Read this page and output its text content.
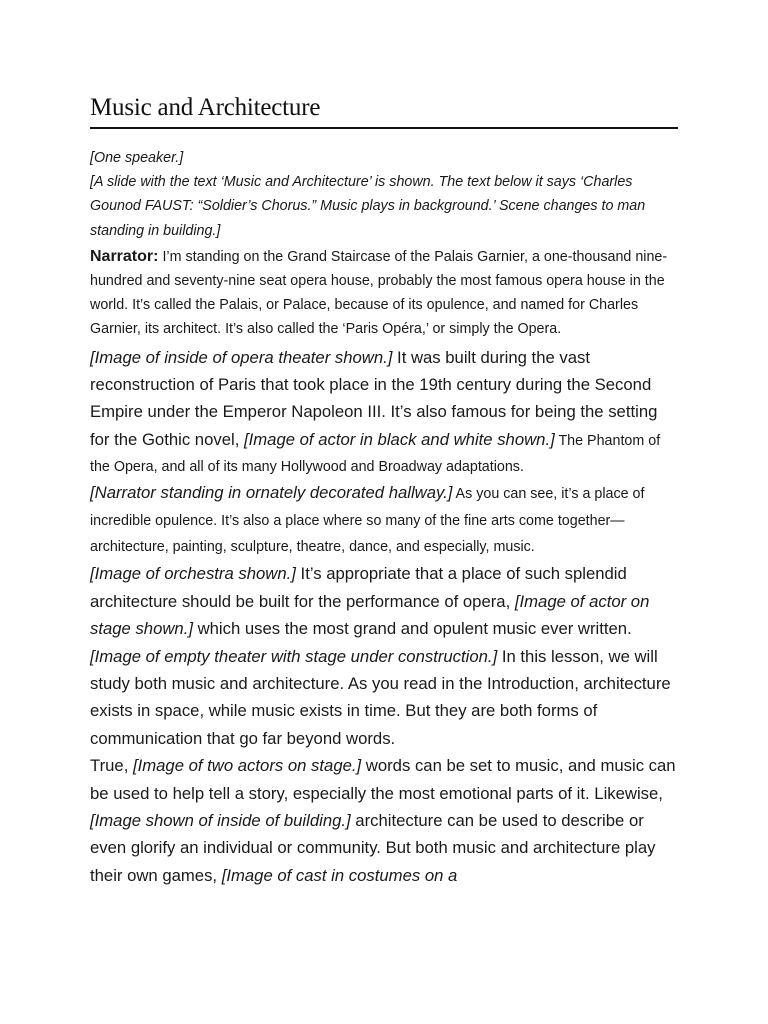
Music and Architecture

[One speaker.]

[A slide with the text ‘Music and Architecture’ is shown. The text below it says ‘Charles Gounod FAUST: “Soldier’s Chorus.” Music plays in background.’ Scene changes to man standing in building.]

Narrator: I’m standing on the Grand Staircase of the Palais Garnier, a one-thousand nine-hundred and seventy-nine seat opera house, probably the most famous opera house in the world. It’s called the Palais, or Palace, because of its opulence, and named for Charles Garnier, its architect. It’s also called the ‘Paris Opéra,’ or simply the Opera.

[Image of inside of opera theater shown.] It was built during the vast reconstruction of Paris that took place in the 19th century during the Second Empire under the Emperor Napoleon III. It’s also famous for being the setting for the Gothic novel, [Image of actor in black and white shown.] The Phantom of the Opera, and all of its many Hollywood and Broadway adaptations.

[Narrator standing in ornately decorated hallway.] As you can see, it’s a place of incredible opulence. It’s also a place where so many of the fine arts come together—architecture, painting, sculpture, theatre, dance, and especially, music.

[Image of orchestra shown.] It’s appropriate that a place of such splendid architecture should be built for the performance of opera, [Image of actor on stage shown.] which uses the most grand and opulent music ever written. [Image of empty theater with stage under construction.] In this lesson, we will study both music and architecture. As you read in the Introduction, architecture exists in space, while music exists in time. But they are both forms of communication that go far beyond words.
True, [Image of two actors on stage.] words can be set to music, and music can be used to help tell a story, especially the most emotional parts of it. Likewise, [Image shown of inside of building.] architecture can be used to describe or even glorify an individual or community. But both music and architecture play their own games, [Image of cast in costumes on a
